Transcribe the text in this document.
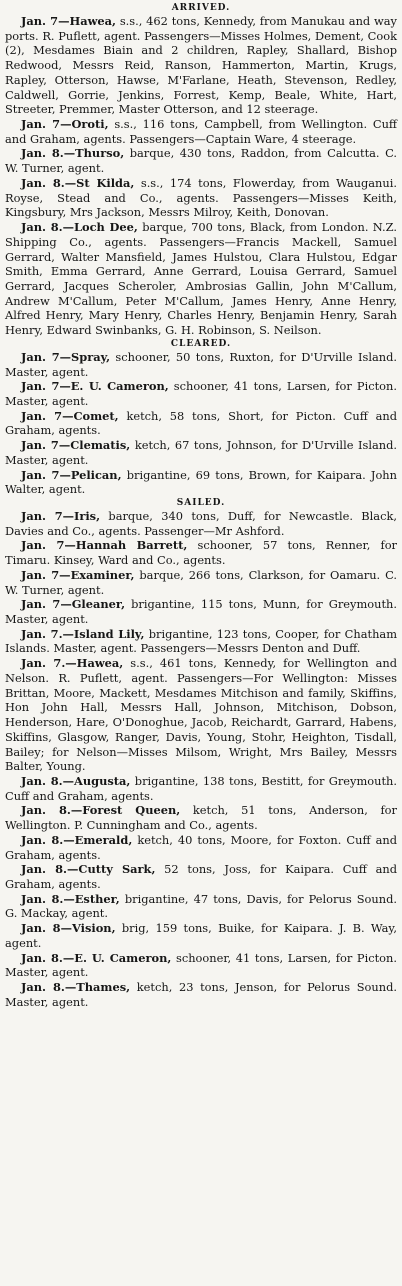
ARRIVED.

Jan. 7—Hawea, s.s., 462 tons, Kennedy, from Manukau and way ports. R. Puflett, agent. Passengers—Misses Holmes, Dement, Cook (2), Mesdames Biain and 2 children, Rapley, Shallard, Bishop Redwood, Messrs Reid, Ranson, Hammerton, Martin, Krugs, Rapley, Otterson, Hawse, M'Farlane, Heath, Stevenson, Redley, Caldwell, Gorrie, Jenkins, Forrest, Kemp, Beale, White, Hart, Streeter, Premmer, Master Otterson, and 12 steerage.

Jan. 7—Oroti, s.s., 116 tons, Campbell, from Wellington. Cuff and Graham, agents. Passengers—Captain Ware, 4 steerage.

Jan. 8.—Thurso, barque, 430 tons, Raddon, from Calcutta. C. W. Turner, agent.

Jan. 8.—St Kilda, s.s., 174 tons, Flowerday, from Wauganui. Royse, Stead and Co., agents. Passengers—Misses Keith, Kingsbury, Mrs Jackson, Messrs Milroy, Keith, Donovan.

Jan. 8.—Loch Dee, barque, 700 tons, Black, from London. N.Z. Shipping Co., agents. Passengers—Francis Mackell, Samuel Gerrard, Walter Mansfield, James Hulstou, Clara Hulstou, Edgar Smith, Emma Gerrard, Anne Gerrard, Louisa Gerrard, Samuel Gerrard, Jacques Scheroler, Ambrosias Gallin, John M'Callum, Andrew M'Callum, Peter M'Callum, James Henry, Anne Henry, Alfred Henry, Mary Henry, Charles Henry, Benjamin Henry, Sarah Henry, Edward Swinbanks, G. H. Robinson, S. Neilson.

CLEARED.

Jan. 7—Spray, schooner, 50 tons, Ruxton, for D'Urville Island. Master, agent.

Jan. 7—E. U. Cameron, schooner, 41 tons, Larsen, for Picton. Master, agent.

Jan. 7—Comet, ketch, 58 tons, Short, for Picton. Cuff and Graham, agents.

Jan. 7—Clematis, ketch, 67 tons, Johnson, for D'Urville Island. Master, agent.

Jan. 7—Pelican, brigantine, 69 tons, Brown, for Kaipara. John Walter, agent.

SAILED.

Jan. 7—Iris, barque, 340 tons, Duff, for Newcastle. Black, Davies and Co., agents. Passenger—Mr Ashford.

Jan. 7—Hannah Barrett, schooner, 57 tons, Renner, for Timaru. Kinsey, Ward and Co., agents.

Jan. 7—Examiner, barque, 266 tons, Clarkson, for Oamaru. C. W. Turner, agent.

Jan. 7—Gleaner, brigantine, 115 tons, Munn, for Greymouth. Master, agent.

Jan. 7.—Island Lily, brigantine, 123 tons, Cooper, for Chatham Islands. Master, agent. Passengers—Messrs Denton and Duff.

Jan. 7.—Hawea, s.s., 461 tons, Kennedy, for Wellington and Nelson. R. Puflett, agent. Passengers—For Wellington: Misses Brittan, Moore, Mackett, Mesdames Mitchison and family, Skiffins, Hon John Hall, Messrs Hall, Johnson, Mitchison, Dobson, Henderson, Hare, O'Donoghue, Jacob, Reichardt, Garrard, Habens, Skiffins, Glasgow, Ranger, Davis, Young, Stohr, Heighton, Tisdall, Bailey; for Nelson—Misses Milsom, Wright, Mrs Bailey, Messrs Balter, Young.

Jan. 8.—Augusta, brigantine, 138 tons, Bestitt, for Greymouth. Cuff and Graham, agents.

Jan. 8.—Forest Queen, ketch, 51 tons, Anderson, for Wellington. P. Cunningham and Co., agents.

Jan. 8.—Emerald, ketch, 40 tons, Moore, for Foxton. Cuff and Graham, agents.

Jan. 8.—Cutty Sark, 52 tons, Joss, for Kaipara. Cuff and Graham, agents.

Jan. 8.—Esther, brigantine, 47 tons, Davis, for Pelorus Sound. G. Mackay, agent.

Jan. 8—Vision, brig, 159 tons, Buike, for Kaipara. J. B. Way, agent.

Jan. 8.—E. U. Cameron, schooner, 41 tons, Larsen, for Picton. Master, agent.

Jan. 8.—Thames, ketch, 23 tons, Jenson, for Pelorus Sound. Master, agent.
